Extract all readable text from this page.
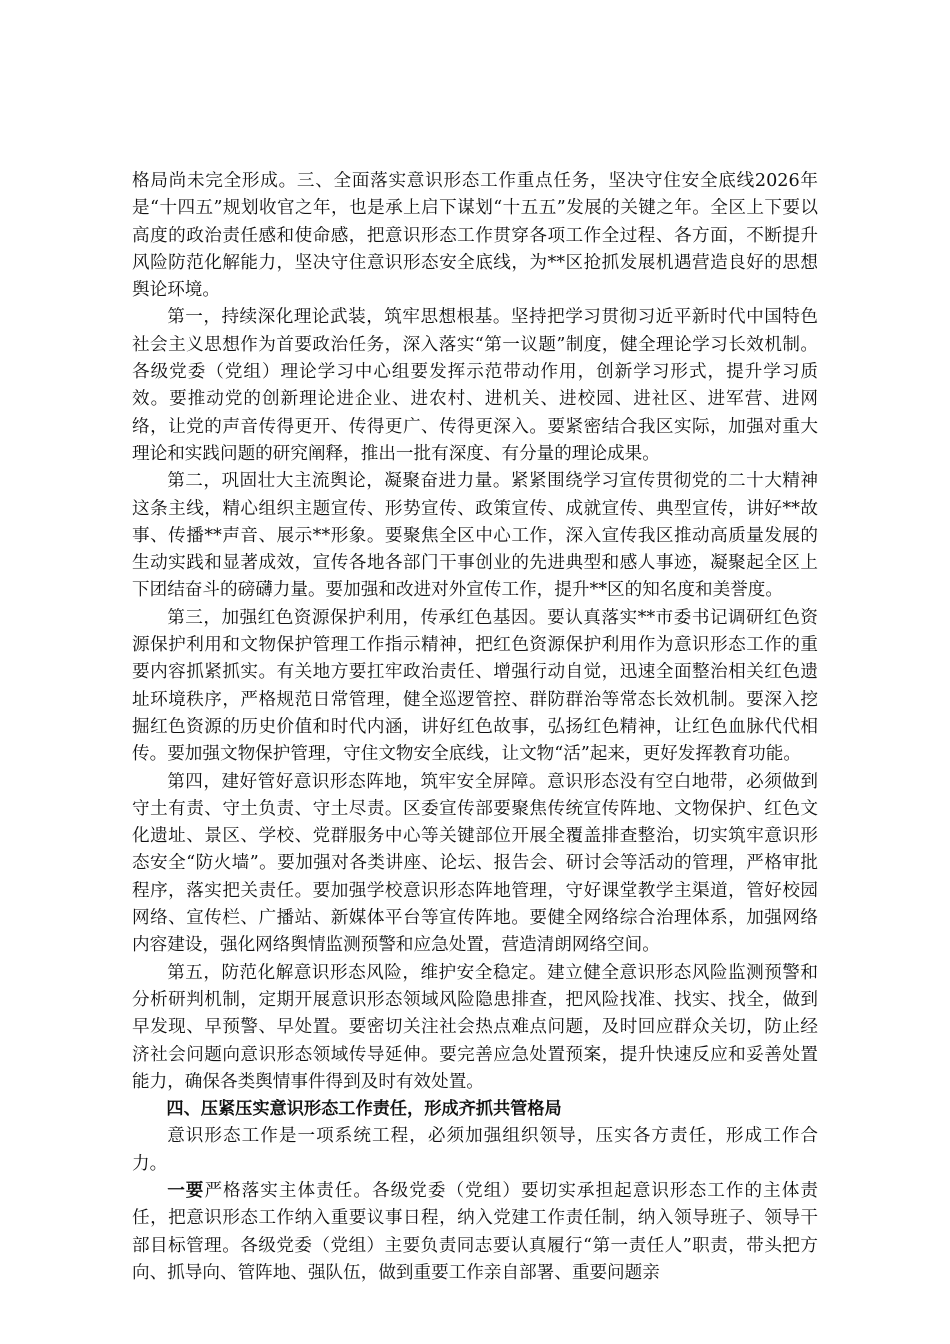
格局尚未完全形成。三、全面落实意识形态工作重点任务，坚决守住安全底线2026年是“十四五”规划收官之年，也是承上启下谋划“十五五”发展的关键之年。全区上下要以高度的政治责任感和使命感，把意识形态工作贯穿各项工作全过程、各方面，不断提升风险防范化解能力，坚决守住意识形态安全底线，为**区抢抓发展机遇营造良好的思想舆论环境。

第一，持续深化理论武装，筑牢思想根基。坚持把学习贯彻习近平新时代中国特色社会主义思想作为首要政治任务，深入落实“第一议题”制度，健全理论学习长效机制。各级党委（党组）理论学习中心组要发挥示范带动作用，创新学习形式，提升学习质效。要推动党的创新理论进企业、进农村、进机关、进校园、进社区、进军营、进网络，让党的声音传得更开、传得更广、传得更深入。要紧密结合我区实际，加强对重大理论和实践问题的研究阐释，推出一批有深度、有分量的理论成果。

第二，巩固壮大主流舆论，凝聚奋进力量。紧紧围绕学习宣传贯彻党的二十大精神这条主线，精心组织主题宣传、形势宣传、政策宣传、成就宣传、典型宣传，讲好**故事、传播**声音、展示**形象。要聚焦全区中心工作，深入宣传我区推动高质量发展的生动实践和显著成效，宣传各地各部门干事创业的先进典型和感人事迹，凝聚起全区上下团结奋斗的磅礴力量。要加强和改进对外宣传工作，提升**区的知名度和美誉度。

第三，加强红色资源保护利用，传承红色基因。要认真落实**市委书记调研红色资源保护利用和文物保护管理工作指示精神，把红色资源保护利用作为意识形态工作的重要内容抓紧抓实。有关地方要扛牢政治责任、增强行动自觉，迅速全面整治相关红色遗址环境秩序，严格规范日常管理，健全巡逻管控、群防群治等常态长效机制。要深入挖掘红色资源的历史价值和时代内涵，讲好红色故事，弘扬红色精神，让红色血脉代代相传。要加强文物保护管理，守住文物安全底线，让文物“活”起来，更好发挥教育功能。

第四，建好管好意识形态阵地，筑牢安全屏障。意识形态没有空白地带，必须做到守土有责、守土负责、守土尽责。区委宣传部要聚焦传统宣传阵地、文物保护、红色文化遗址、景区、学校、党群服务中心等关键部位开展全覆盖排查整治，切实筑牢意识形态安全“防火墙”。要加强对各类讲座、论坛、报告会、研讨会等活动的管理，严格审批程序，落实把关责任。要加强学校意识形态阵地管理，守好课堂教学主渠道，管好校园网络、宣传栏、广播站、新媒体平台等宣传阵地。要健全网络综合治理体系，加强网络内容建设，强化网络舆情监测预警和应急处置，营造清朗网络空间。

第五，防范化解意识形态风险，维护安全稳定。建立健全意识形态风险监测预警和分析研判机制，定期开展意识形态领域风险隐患排查，把风险找准、找实、找全，做到早发现、早预警、早处置。要密切关注社会热点难点问题，及时回应群众关切，防止经济社会问题向意识形态领域传导延伸。要完善应急处置预案，提升快速反应和妥善处置能力，确保各类舆情事件得到及时有效处置。

四、压紧压实意识形态工作责任，形成齐抓共管格局

意识形态工作是一项系统工程，必须加强组织领导，压实各方责任，形成工作合力。

一要严格落实主体责任。各级党委（党组）要切实承担起意识形态工作的主体责任，把意识形态工作纳入重要议事日程，纳入党建工作责任制，纳入领导班子、领导干部目标管理。各级党委（党组）主要负责同志要认真履行“第一责任人”职责，带头把方向、抓导向、管阵地、强队伍，做到重要工作亲自部署、重要问题亲
